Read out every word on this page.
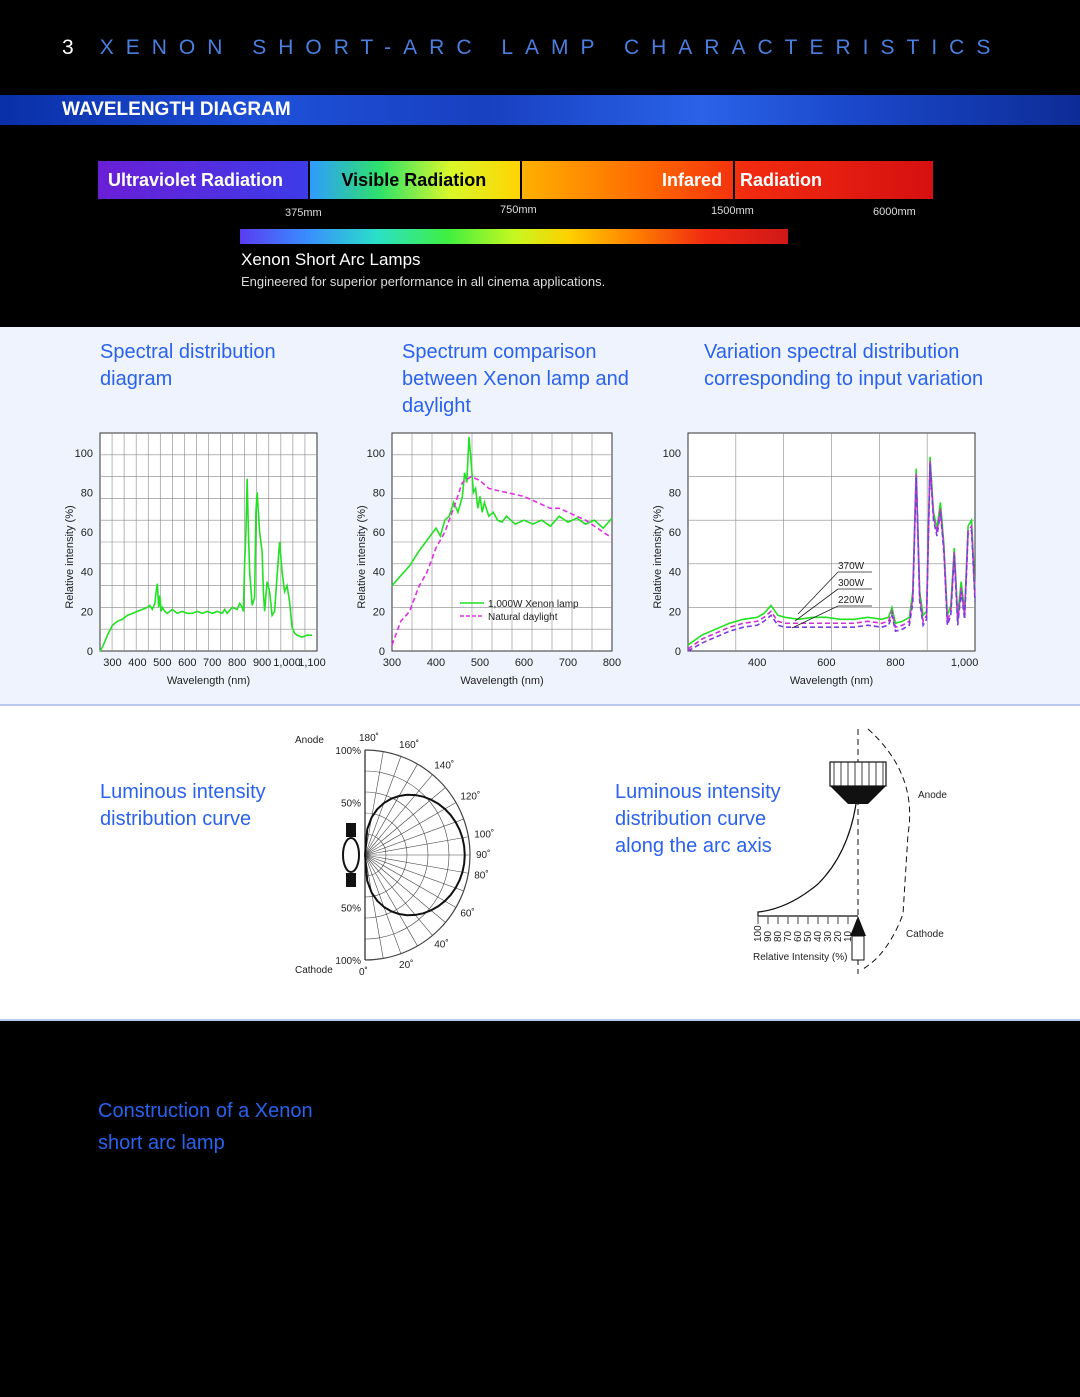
3 XENON SHORT-ARC LAMP CHARACTERISTICS
WAVELENGTH DIAGRAM
Ultraviolet Radiation	Visible Radiation	Infared Radiation
375mm	750mm	1500mm	6000mm
Xenon Short Arc Lamps
Engineered for superior performance in all cinema applications.
Spectral distribution diagram
Spectrum comparison between Xenon lamp and daylight
Variation spectral distribution corresponding to input variation
0
20
40
60
80
100
300 400 500 600 700 800 900 1,000
1,100
Wavelength (nm)
Relative intensity (%)
0
20
40
60
80
100
300 400 500 600 700 800
Wavelength (nm)
Relative intensity (%)	1,000W Xenon lamp
Natural daylight
0
20
40
60
80
100
400	600	800	1,000
Wavelength (nm)
Relative intensity (%)	370W
300W
220W
Luminous intensity distribution curve
Luminous intensity distribution curve along the arc axis
180˚
160˚
140˚
120˚
100˚
90˚
80˚
60˚
40˚
20˚
0˚
100%
50%
50%
100%
Anode
Cathode
100 90 80 70 60 50 40 30 20 10
Relative Intensity (%)
Anode
Cathode
Construction of a Xenon short arc lamp
